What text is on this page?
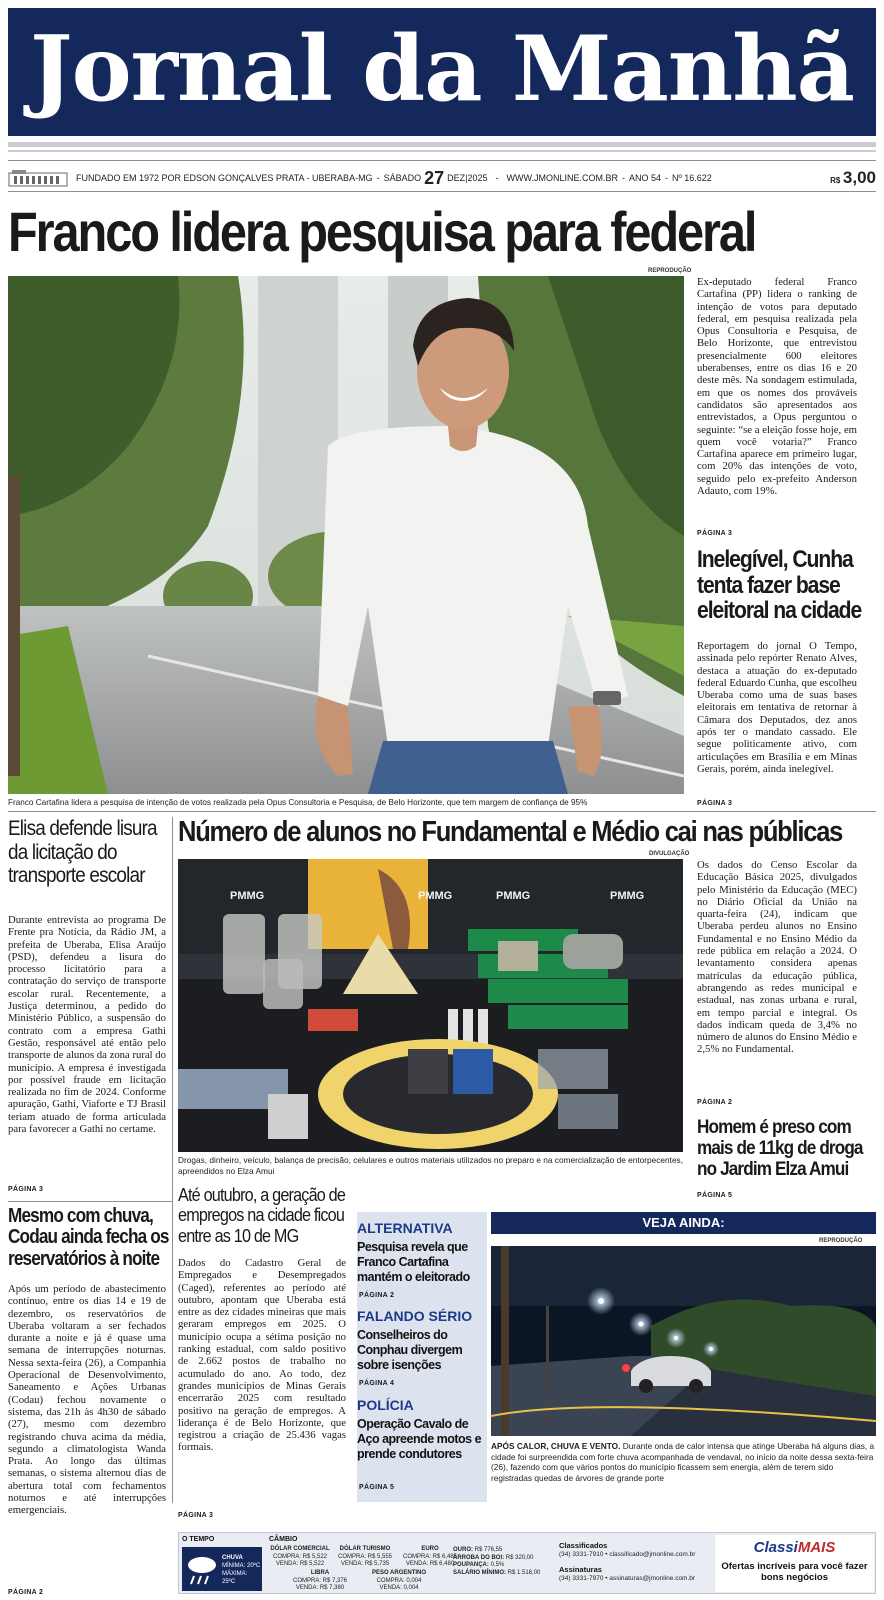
Jornal da Manhã
FUNDADO EM 1972 POR EDSON GONÇALVES PRATA - UBERABA-MG - SÁBADO 27 DEZ|2025 - WWW.JMONLINE.COM.BR - ANO 54 - Nº 16.622	R$ 3,00
Franco lidera pesquisa para federal
REPRODUÇÃO
Franco Cartafina lidera a pesquisa de intenção de votos realizada pela Opus Consultoria e Pesquisa, de Belo Horizonte, que tem margem de confiança de 95%
Ex-deputado federal Franco Cartafina (PP) lidera o ranking de intenção de votos para deputado federal, em pesquisa realizada pela Opus Consultoria e Pesquisa, de Belo Horizonte, que entrevistou presencialmente 600 eleitores uberabenses, entre os dias 16 e 20 deste mês. Na sondagem estimulada, em que os nomes dos prováveis candidatos são apresentados aos entrevistados, a Opus perguntou o seguinte: “se a eleição fosse hoje, em quem você votaria?” Franco Cartafina aparece em primeiro lugar, com 20% das intenções de voto, seguido pelo ex-prefeito Anderson Adauto, com 19%.
PÁGINA 3
Inelegível, Cunha tenta fazer base eleitoral na cidade
Reportagem do jornal O Tempo, assinada pelo repórter Renato Alves, destaca a atuação do ex-deputado federal Eduardo Cunha, que escolheu Uberaba como uma de suas bases eleitorais em tentativa de retornar à Câmara dos Deputados, dez anos após ter o mandato cassado. Ele segue politicamente ativo, com articulações em Brasília e em Minas Gerais, porém, ainda inelegível.
PÁGINA 3
Elisa defende lisura da licitação do transporte escolar
Durante entrevista ao programa De Frente pra Notícia, da Rádio JM, a prefeita de Uberaba, Elisa Araújo (PSD), defendeu a lisura do processo licitatório para a contratação do serviço de transporte escolar rural. Recentemente, a Justiça determinou, a pedido do Ministério Público, a suspensão do contrato com a empresa Gathi Gestão, responsável até então pelo transporte de alunos da zona rural do município. A empresa é investigada por possível fraude em licitação realizada no fim de 2024. Conforme apuração, Gathi, Viaforte e TJ Brasil teriam atuado de forma articulada para favorecer a Gathi no certame.
PÁGINA 3
Número de alunos no Fundamental e Médio cai nas públicas
DIVULGAÇÃO
PMMG	PMMG	PMMG	PMMG
Drogas, dinheiro, veículo, balança de precisão, celulares e outros materiais utilizados no preparo e na comercialização de entorpecentes, apreendidos no Elza Amui
Os dados do Censo Escolar da Educação Básica 2025, divulgados pelo Ministério da Educação (MEC) no Diário Oficial da União na quarta-feira (24), indicam que Uberaba perdeu alunos no Ensino Fundamental e no Ensino Médio da rede pública em relação a 2024. O levantamento considera apenas matrículas da educação pública, abrangendo as redes municipal e estadual, nas zonas urbana e rural, em tempo parcial e integral. Os dados indicam queda de 3,4% no número de alunos do Ensino Médio e 2,5% no Fundamental.
PÁGINA 2
Homem é preso com mais de 11kg de droga no Jardim Elza Amui
PÁGINA 5
Mesmo com chuva, Codau ainda fecha os reservatórios à noite
Após um período de abastecimento contínuo, entre os dias 14 e 19 de dezembro, os reservatórios de Uberaba voltaram a ser fechados durante a noite e já é quase uma semana de interrupções noturnas. Nessa sexta-feira (26), a Companhia Operacional de Desenvolvimento, Saneamento e Ações Urbanas (Codau) fechou novamente o sistema, das 21h às 4h30 de sábado (27), mesmo com dezembro registrando chuva acima da média, segundo a climatologista Wanda Prata. Ao longo das últimas semanas, o sistema alternou dias de abertura total com fechamentos noturnos e até interrupções emergenciais.
PÁGINA 2
Até outubro, a geração de empregos na cidade ficou entre as 10 de MG
Dados do Cadastro Geral de Empregados e Desempregados (Caged), referentes ao período até outubro, apontam que Uberaba está entre as dez cidades mineiras que mais geraram empregos em 2025. O município ocupa a sétima posição no ranking estadual, com saldo positivo de 2.662 postos de trabalho no acumulado do ano. Ao todo, dez grandes municípios de Minas Gerais encerrarão 2025 com resultado positivo na geração de empregos. A liderança é de Belo Horizonte, que registrou a criação de 25.436 vagas formais.
PÁGINA 3
ALTERNATIVA
Pesquisa revela que Franco Cartafina mantém o eleitorado
PÁGINA 2
FALANDO SÉRIO
Conselheiros do Conphau divergem sobre isenções
PÁGINA 4
POLÍCIA
Operação Cavalo de Aço apreende motos e prende condutores
PÁGINA 5
VEJA AINDA:
REPRODUÇÃO
APÓS CALOR, CHUVA E VENTO. Durante onda de calor intensa que atinge Uberaba há alguns dias, a cidade foi surpreendida com forte chuva acompanhada de vendaval, no início da noite dessa sexta-feira (26), fazendo com que vários pontos do município ficassem sem energia, além de terem sido registradas quedas de árvores de grande porte
O TEMPO
CHUVA
MÍNIMA: 20ºC
MÁXIMA: 25ºC
CÂMBIO
DÓLAR COMERCIAL
COMPRA: R$ 5,522
VENDA: R$ 5,522
DÓLAR TURISMO
COMPRA: R$ 5,555
VENDA: R$ 5,735
EURO
COMPRA: R$ 6,485
VENDA: R$ 6,480
LIBRA
COMPRA: R$ 7,376
VENDA: R$ 7,380
PESO ARGENTINO
COMPRA: 0,004
VENDA: 0,004
OURO: R$ 776,55
ARROBA DO BOI: R$ 320,00
POUPANÇA: 0,5%
SALÁRIO MÍNIMO: R$ 1.518,00
Classificados
(34) 3331-7910 • classificado@jmonline.com.br
Assinaturas
(34) 3331-7970 • assinaturas@jmonline.com.br
ClassiMAIS
Ofertas incríveis para você fazer bons negócios
